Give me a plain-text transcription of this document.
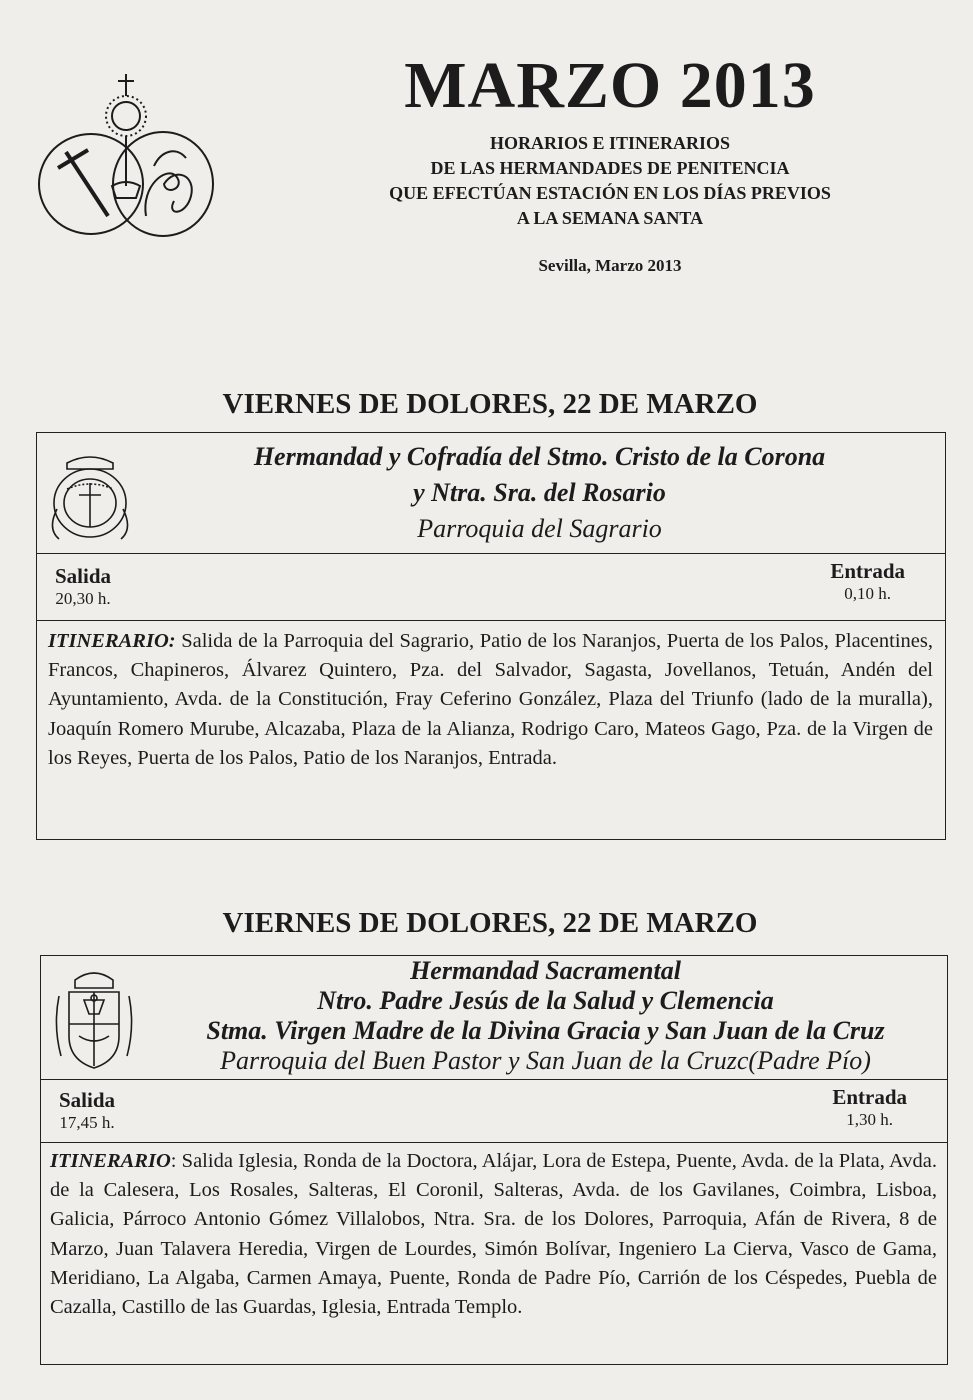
MARZO 2013
HORARIOS E ITINERARIOS
DE LAS HERMANDADES DE PENITENCIA
QUE EFECTÚAN ESTACIÓN EN LOS DÍAS PREVIOS
A LA SEMANA SANTA
Sevilla, Marzo 2013
VIERNES DE DOLORES, 22 DE MARZO
Hermandad y Cofradía del Stmo. Cristo de la Corona
y Ntra. Sra. del Rosario
Parroquia del Sagrario
Salida
20,30 h.
Entrada
0,10 h.
ITINERARIO: Salida de la Parroquia del Sagrario, Patio de los Naranjos, Puerta de los Palos, Placentines, Francos, Chapineros, Álvarez Quintero, Pza. del Salvador, Sagasta, Jovellanos, Tetuán, Andén del Ayuntamiento, Avda. de la Constitución, Fray Ceferino González, Plaza del Triunfo (lado de la muralla), Joaquín Romero Murube, Alcazaba, Plaza de la Alianza, Rodrigo Caro, Mateos Gago, Pza. de la Virgen de los Reyes, Puerta de los Palos, Patio de los Naranjos, Entrada.
VIERNES DE DOLORES, 22 DE MARZO
Hermandad Sacramental
Ntro. Padre Jesús de la Salud y Clemencia
Stma. Virgen Madre de la Divina Gracia y San Juan de la Cruz
Parroquia del Buen Pastor y San Juan de la Cruzc(Padre Pío)
Salida
17,45 h.
Entrada
1,30 h.
ITINERARIO: Salida Iglesia, Ronda de la Doctora, Alájar, Lora de Estepa, Puente, Avda. de la Plata, Avda. de la Calesera, Los Rosales, Salteras, El Coronil, Salteras, Avda. de los Gavilanes, Coimbra, Lisboa, Galicia, Párroco Antonio Gómez Villalobos, Ntra. Sra. de los Dolores, Parroquia, Afán de Rivera, 8 de Marzo, Juan Talavera Heredia, Virgen de Lourdes, Simón Bolívar, Ingeniero La Cierva, Vasco de Gama, Meridiano, La Algaba, Carmen Amaya, Puente, Ronda de Padre Pío, Carrión de los Céspedes, Puebla de Cazalla, Castillo de las Guardas, Iglesia, Entrada Templo.
